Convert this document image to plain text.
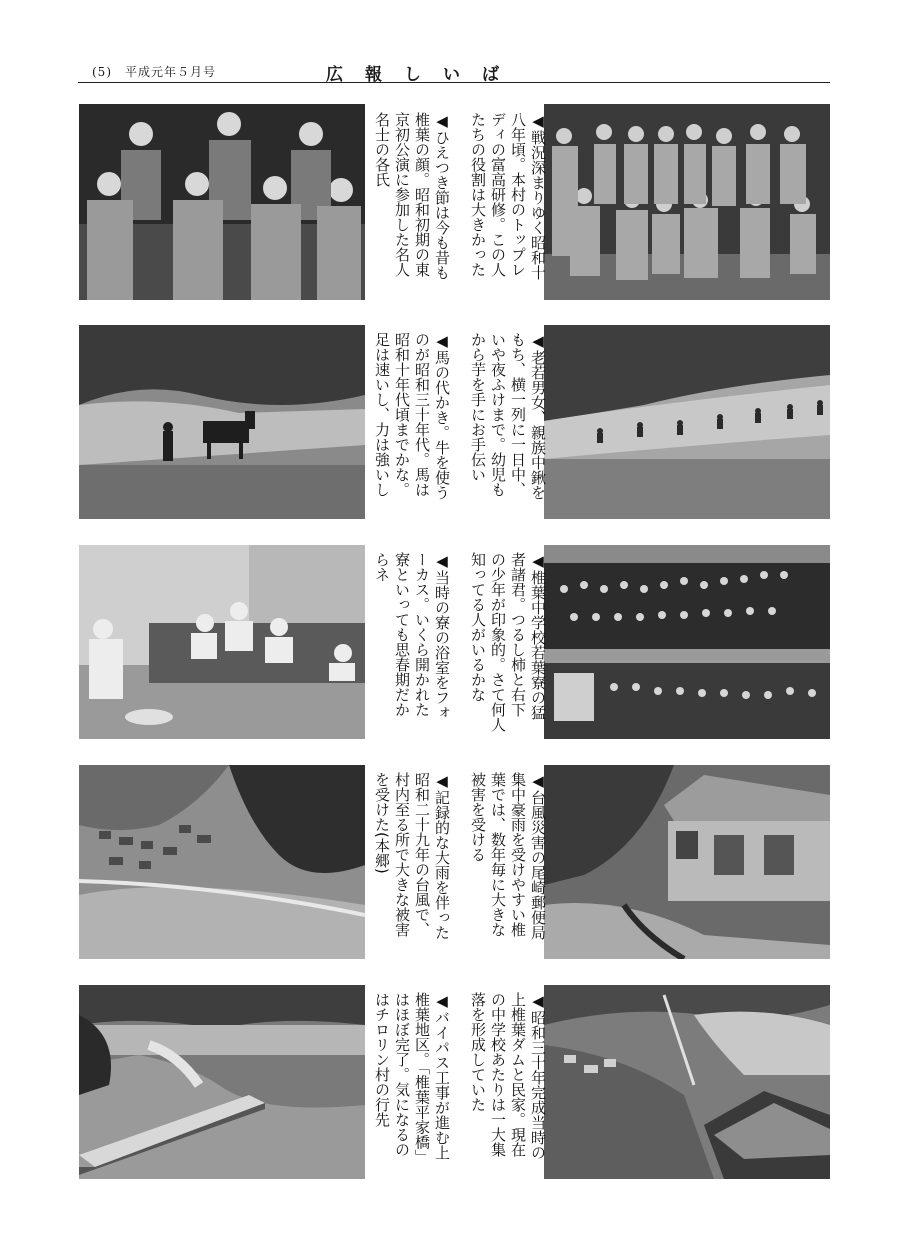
(5)　平成元年５月号	広報しいば
◀ひえつき節は今も昔も
椎葉の顔。昭和初期の東
京初公演に参加した名人
名士の各氏	◀戦況深まりゆく昭和十
八年頃。本村のトップレ
ディの富高研修。この人
たちの役割は大きかった
◀馬の代かき。牛を使う
のが昭和三十年代。馬は
昭和十年代頃までかな。
足は速いし、力は強いし	◀老若男女、親族中鍬を
もち、横一列に一日中、
いや夜ふけまで。幼児も
から芋を手にお手伝い
◀当時の寮の浴室をフォ
ーカス。いくら開かれた
寮といっても思春期だか
らネ	◀椎葉中学校若葉寮の猛
者諸君。つるし柿と右下
の少年が印象的。さて何人
知ってる人がいるかな
◀記録的な大雨を伴った
昭和二十九年の台風で、
村内至る所で大きな被害
を受けた(本郷)	◀台風災害の尾崎郵便局
集中豪雨を受けやすい椎
葉では、数年毎に大きな
被害を受ける
◀バイパス工事が進む上
椎葉地区。「椎葉平家橋」
はほぼ完了。気になるの
はチロリン村の行先	◀昭和三十年完成当時の
上椎葉ダムと民家。現在
の中学校あたりは一大集
落を形成していた
